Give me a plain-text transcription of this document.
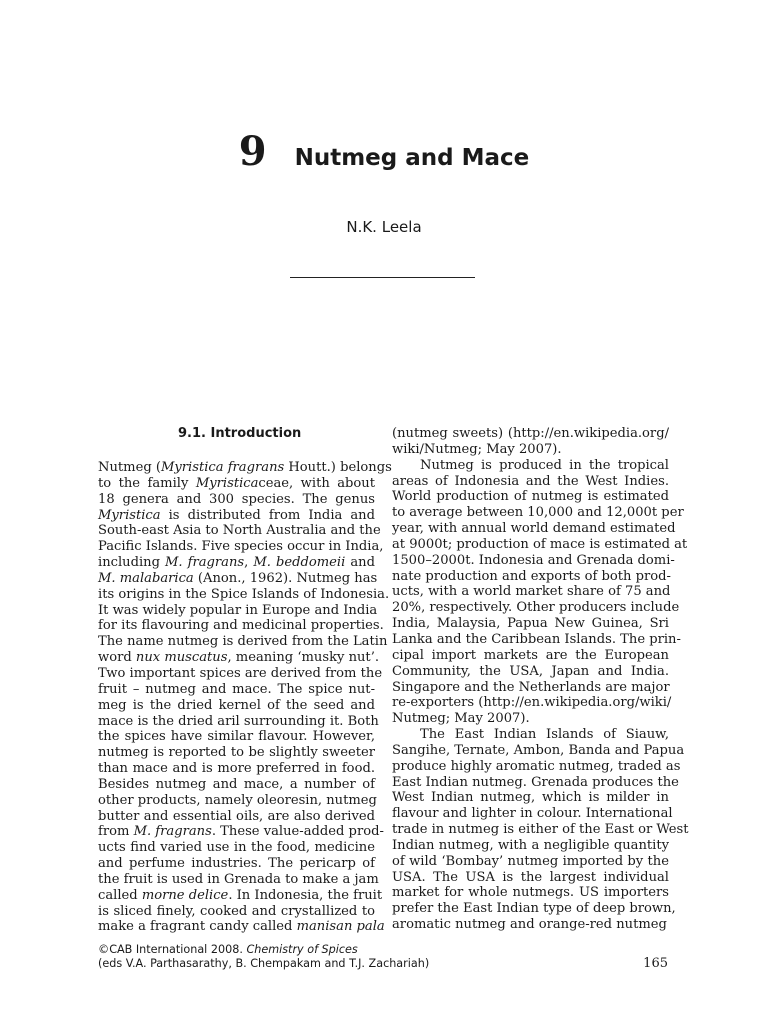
9 Nutmeg and Mace
N.K. Leela
9.1. Introduction
Nutmeg (Myristica fragrans Houtt.) belongs
to the family Myristicaceae, with about
18 genera and 300 species. The genus
Myristica is distributed from India and
South-east Asia to North Australia and the
Pacific Islands. Five species occur in India,
including M. fragrans, M. beddomeii and
M. malabarica (Anon., 1962). Nutmeg has
its origins in the Spice Islands of Indonesia.
It was widely popular in Europe and India
for its flavouring and medicinal properties.
The name nutmeg is derived from the Latin
word nux muscatus, meaning ‘musky nut’.
Two important spices are derived from the
fruit – nutmeg and mace. The spice nut-
meg is the dried kernel of the seed and
mace is the dried aril surrounding it. Both
the spices have similar flavour. However,
nutmeg is reported to be slightly sweeter
than mace and is more preferred in food.
Besides nutmeg and mace, a number of
other products, namely oleoresin, nutmeg
butter and essential oils, are also derived
from M. fragrans. These value-added prod-
ucts find varied use in the food, medicine
and perfume industries. The pericarp of
the fruit is used in Grenada to make a jam
called morne delice. In Indonesia, the fruit
is sliced finely, cooked and crystallized to
make a fragrant candy called manisan pala
(nutmeg sweets) (http://en.wikipedia.org/
wiki/Nutmeg; May 2007).
Nutmeg is produced in the tropical
areas of Indonesia and the West Indies.
World production of nutmeg is estimated
to average between 10,000 and 12,000t per
year, with annual world demand estimated
at 9000t; production of mace is estimated at
1500–2000t. Indonesia and Grenada domi-
nate production and exports of both prod-
ucts, with a world market share of 75 and
20%, respectively. Other producers include
India, Malaysia, Papua New Guinea, Sri
Lanka and the Caribbean Islands. The prin-
cipal import markets are the European
Community, the USA, Japan and India.
Singapore and the Netherlands are major
re-exporters (http://en.wikipedia.org/wiki/
Nutmeg; May 2007).
The East Indian Islands of Siauw,
Sangihe, Ternate, Ambon, Banda and Papua
produce highly aromatic nutmeg, traded as
East Indian nutmeg. Grenada produces the
West Indian nutmeg, which is milder in
flavour and lighter in colour. International
trade in nutmeg is either of the East or West
Indian nutmeg, with a negligible quantity
of wild ‘Bombay’ nutmeg imported by the
USA. The USA is the largest individual
market for whole nutmegs. US importers
prefer the East Indian type of deep brown,
aromatic nutmeg and orange-red nutmeg
©CAB International 2008. Chemistry of Spices
(eds V.A. Parthasarathy, B. Chempakam and T.J. Zachariah)	165
